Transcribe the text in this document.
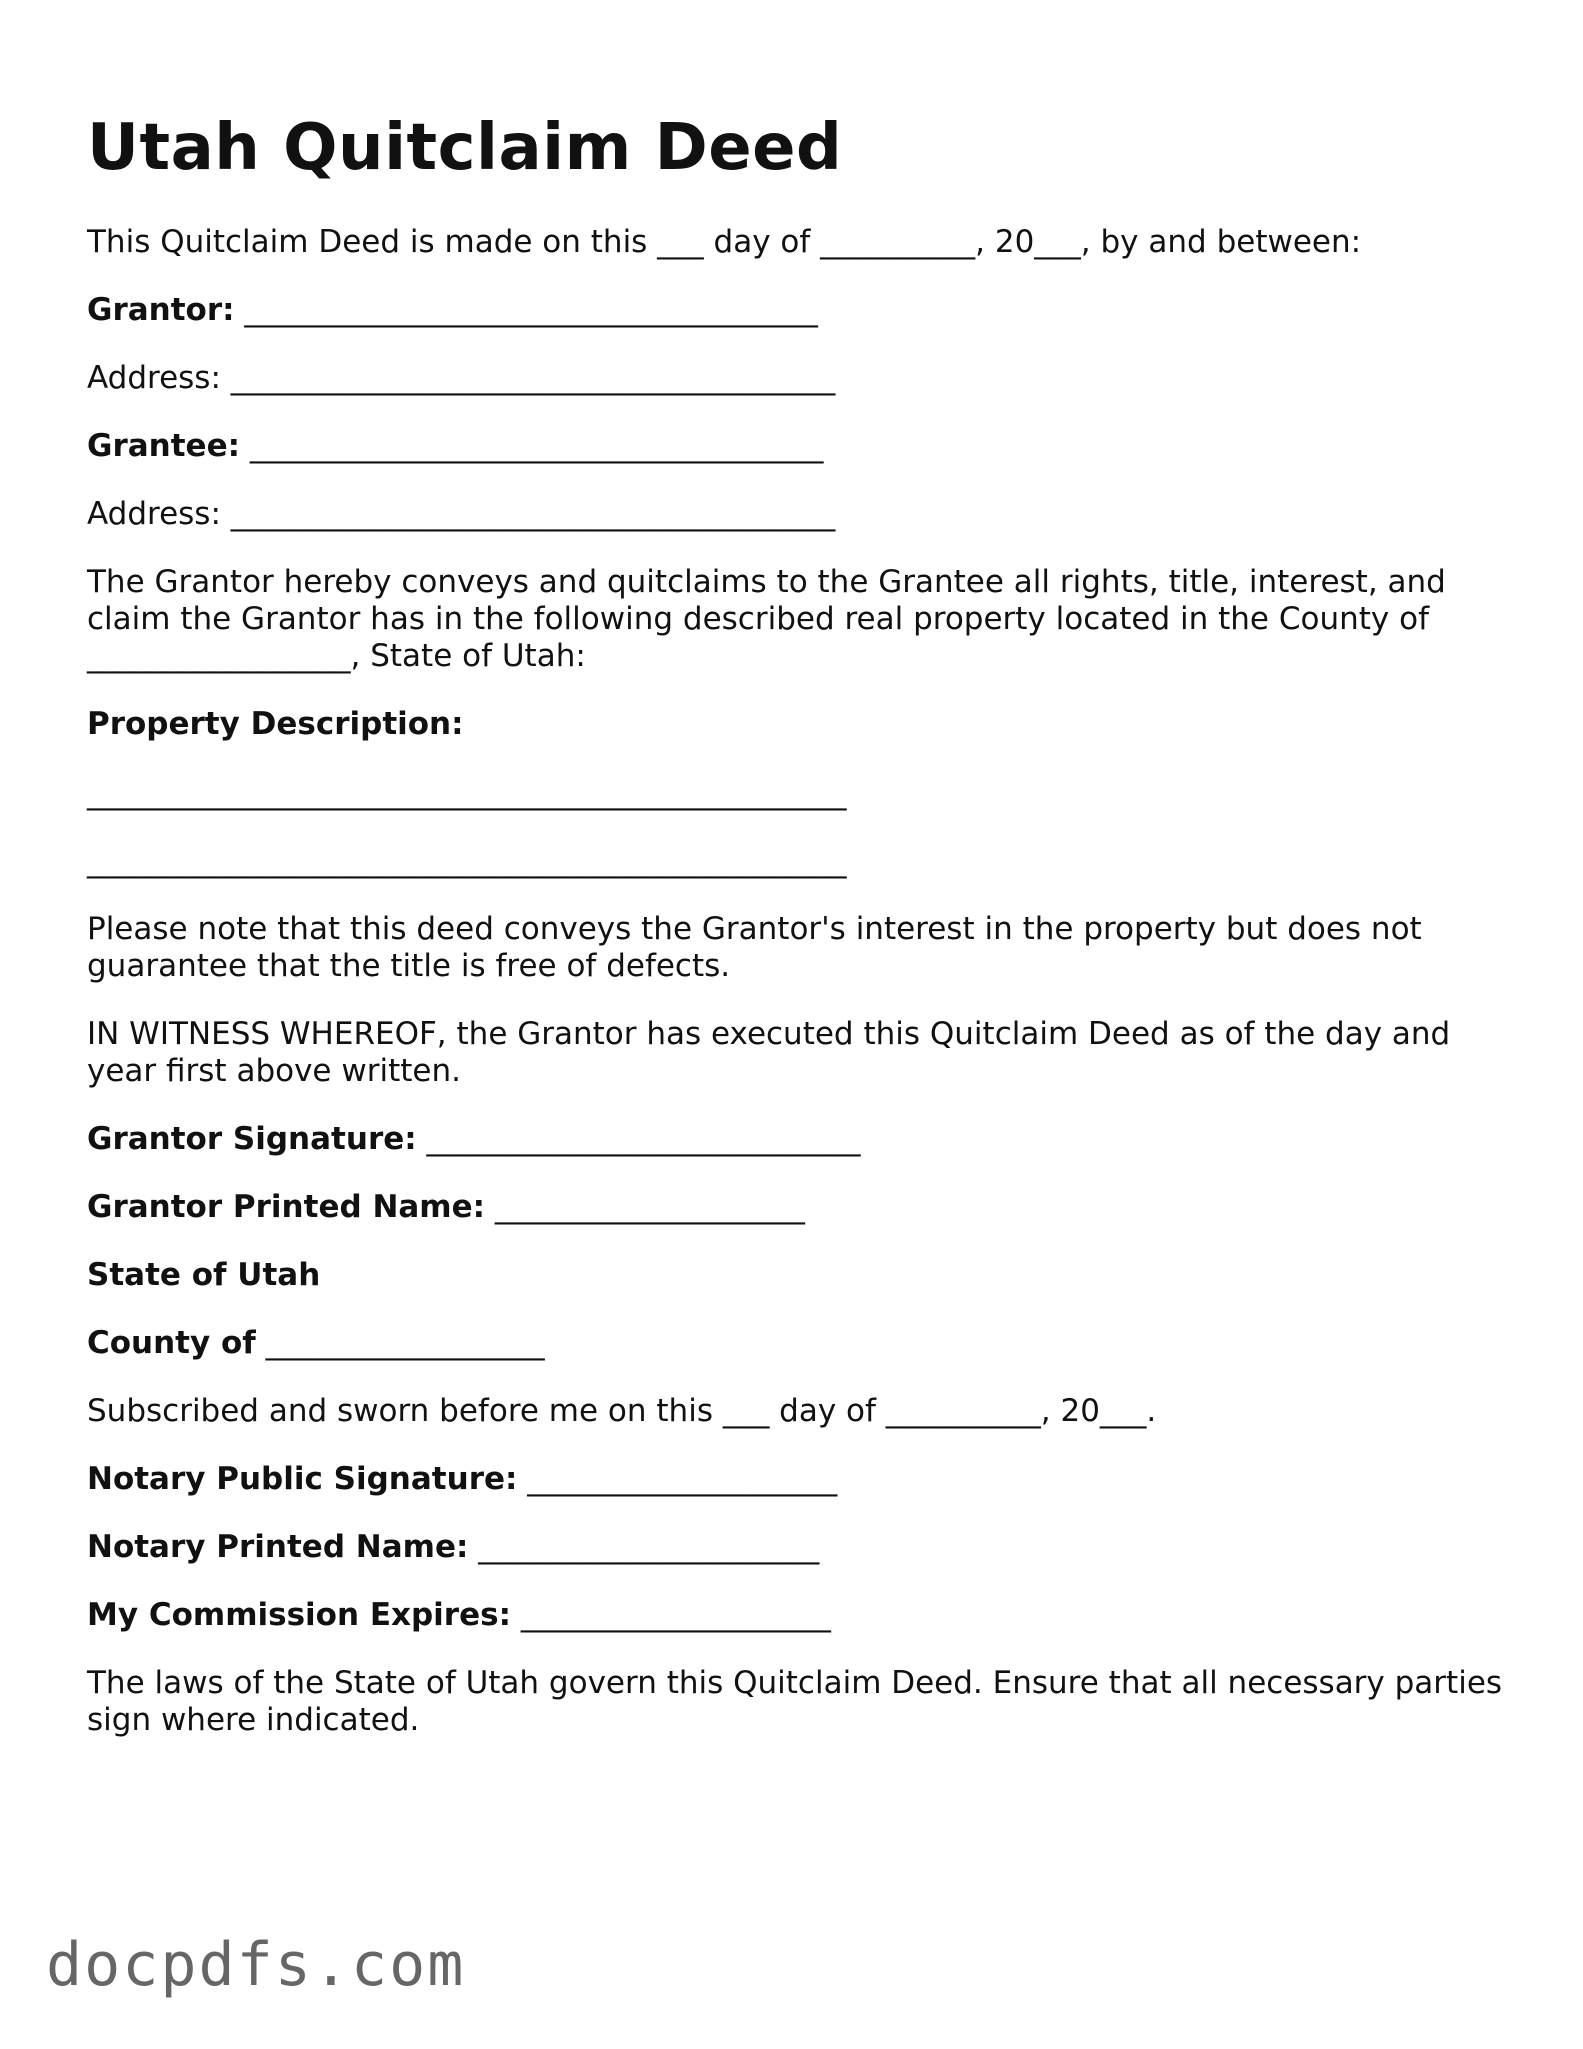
Utah Quitclaim Deed

This Quitclaim Deed is made on this ___ day of __________, 20___, by and between:

Grantor: _____________________________________

Address: _______________________________________

Grantee: _____________________________________

Address: _______________________________________

The Grantor hereby conveys and quitclaims to the Grantee all rights, title, interest, and claim the Grantor has in the following described real property located in the County of _________________, State of Utah:

Property Description:

_________________________________________________

_________________________________________________

Please note that this deed conveys the Grantor's interest in the property but does not guarantee that the title is free of defects.

IN WITNESS WHEREOF, the Grantor has executed this Quitclaim Deed as of the day and year first above written.

Grantor Signature: ____________________________

Grantor Printed Name: ____________________

State of Utah

County of __________________

Subscribed and sworn before me on this ___ day of __________, 20___.

Notary Public Signature: ____________________

Notary Printed Name: ______________________

My Commission Expires: ____________________

The laws of the State of Utah govern this Quitclaim Deed. Ensure that all necessary parties sign where indicated.

docpdfs.com
